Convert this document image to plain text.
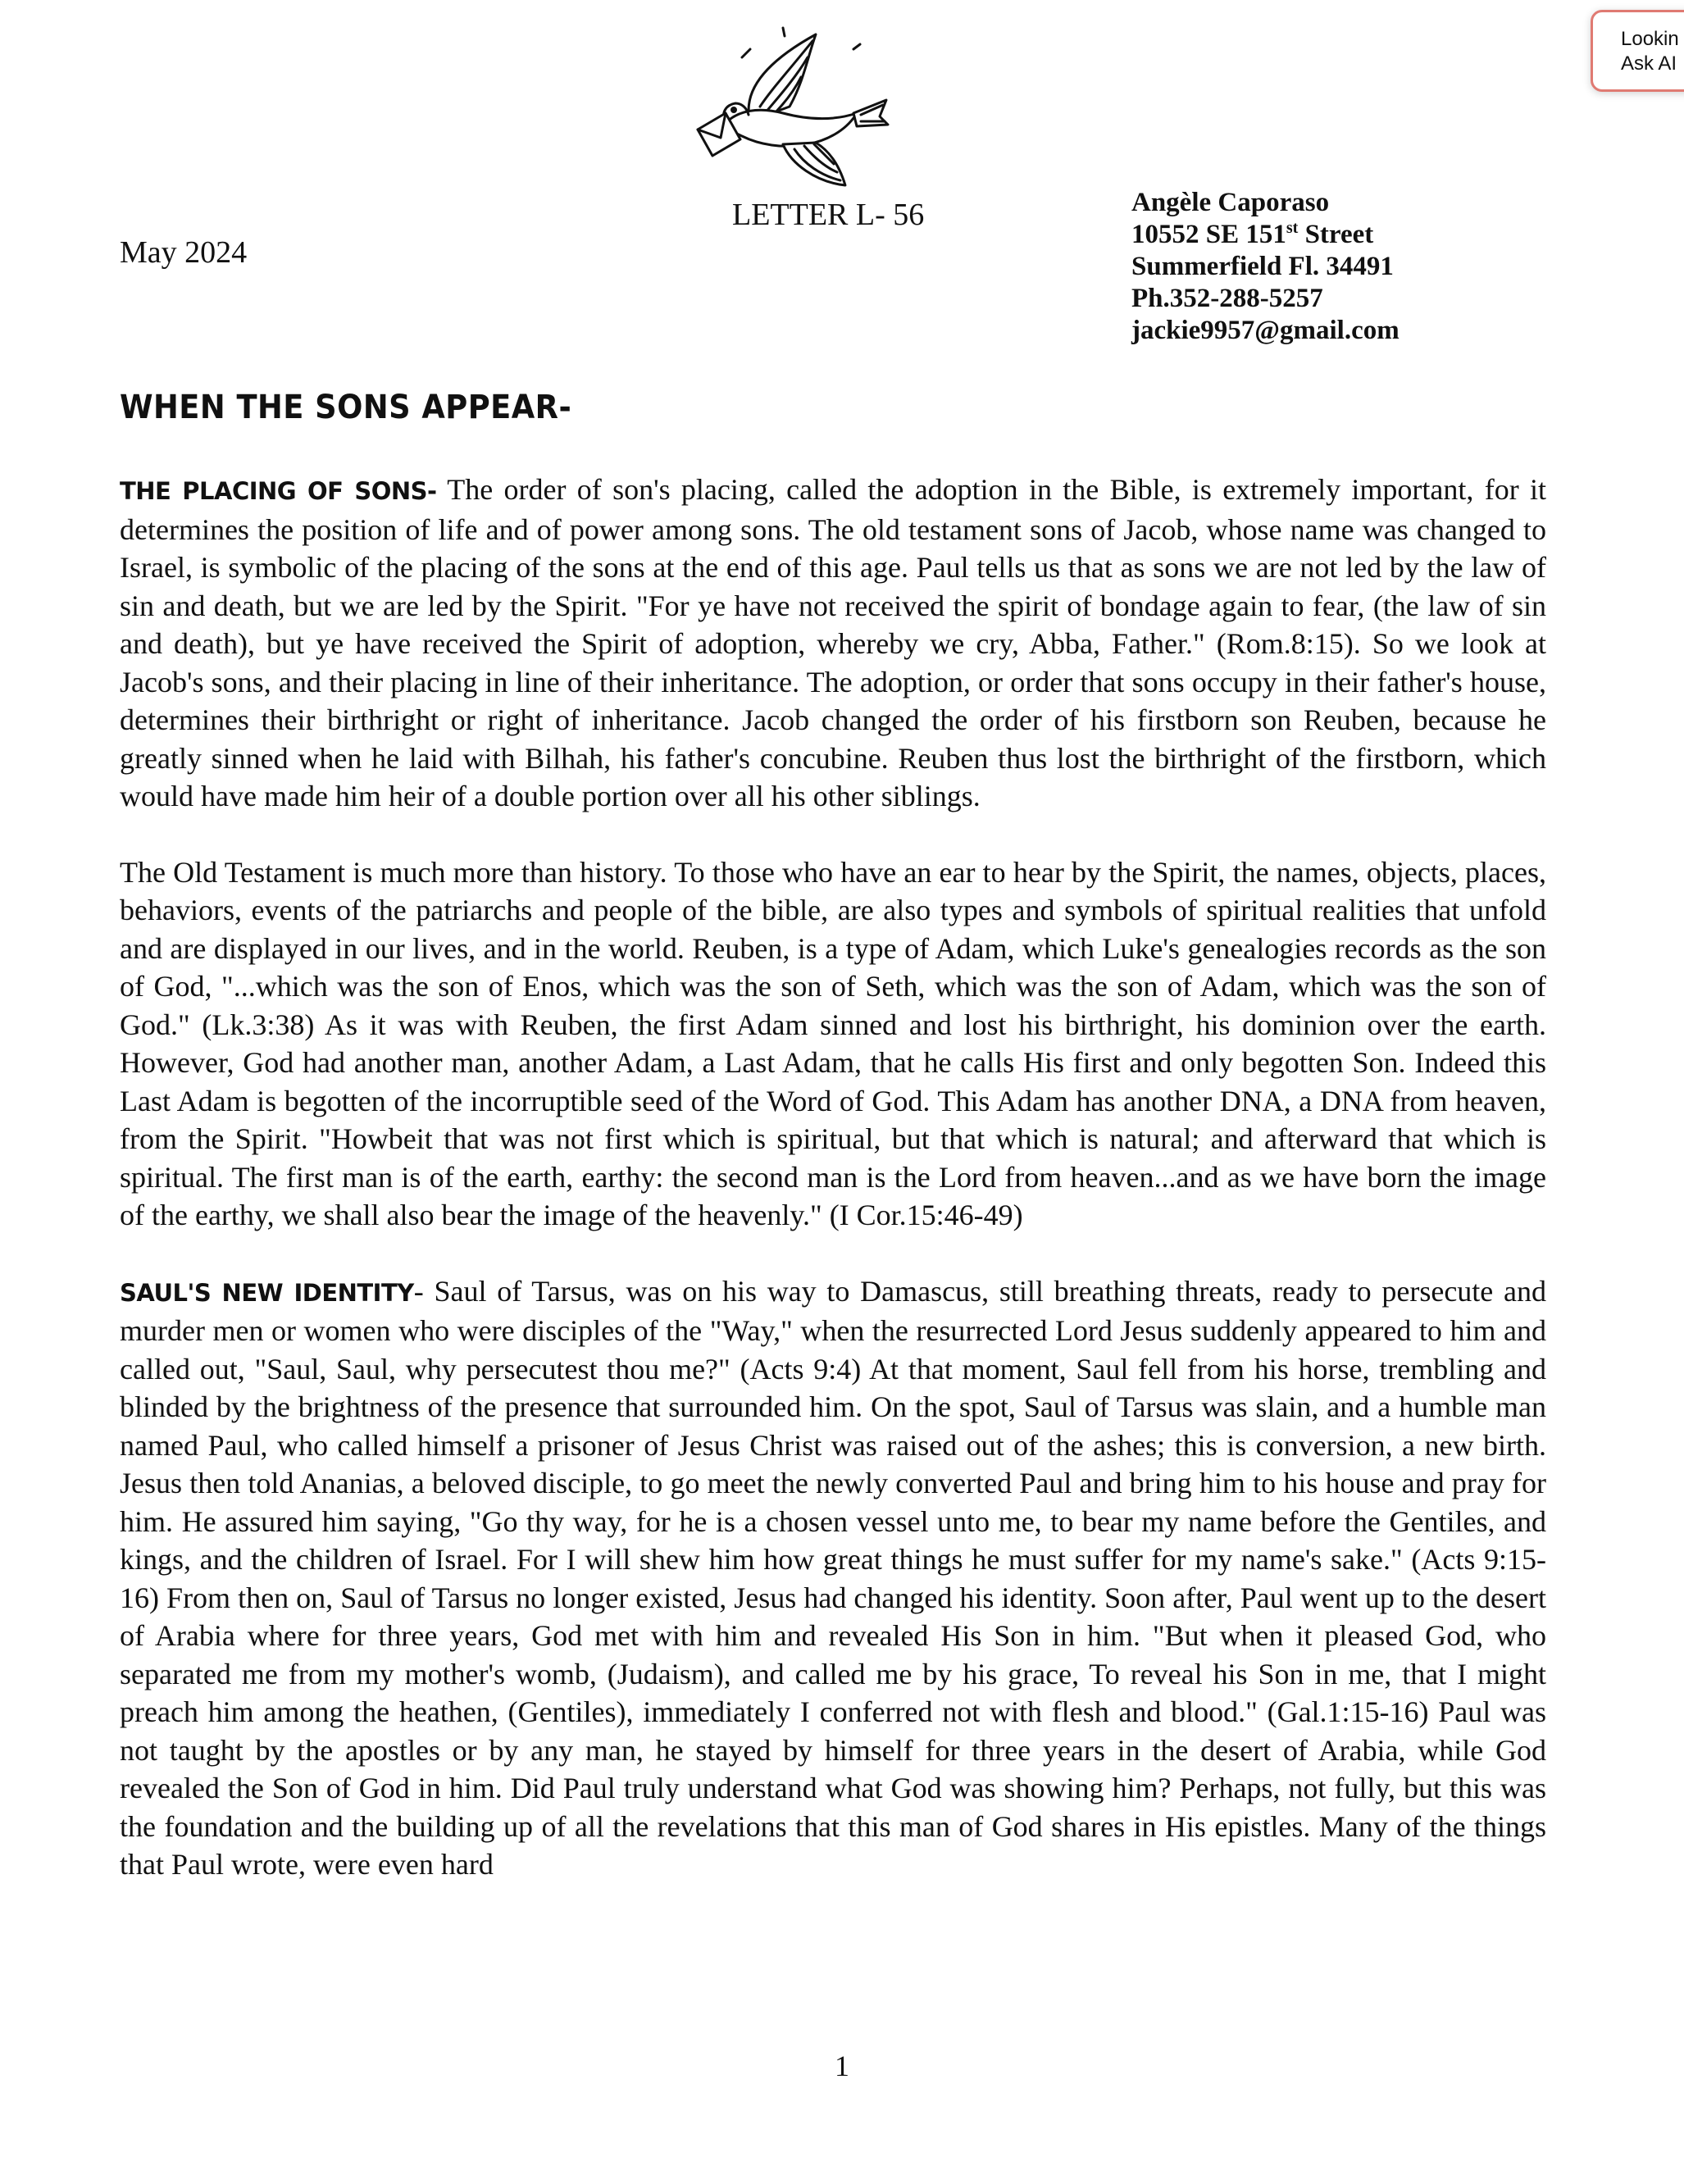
LETTER L- 56
May 2024
Angèle Caporaso
10552 SE 151st Street
Summerfield Fl. 34491
Ph.352-288-5257
jackie9957@gmail.com
WHEN THE SONS APPEAR-

THE PLACING OF SONS- The order of son's placing, called the adoption in the Bible, is extremely important, for it determines the position of life and of power among sons. The old testament sons of Jacob, whose name was changed to Israel, is symbolic of the placing of the sons at the end of this age. Paul tells us that as sons we are not led by the law of sin and death, but we are led by the Spirit. "For ye have not received the spirit of bondage again to fear, (the law of sin and death), but ye have received the Spirit of adoption, whereby we cry, Abba, Father." (Rom.8:15). So we look at Jacob's sons, and their placing in line of their inheritance. The adoption, or order that sons occupy in their father's house, determines their birthright or right of inheritance. Jacob changed the order of his firstborn son Reuben, because he greatly sinned when he laid with Bilhah, his father's concubine. Reuben thus lost the birthright of the firstborn, which would have made him heir of a double portion over all his other siblings.

The Old Testament is much more than history. To those who have an ear to hear by the Spirit, the names, objects, places, behaviors, events of the patriarchs and people of the bible, are also types and symbols of spiritual realities that unfold and are displayed in our lives, and in the world. Reuben, is a type of Adam, which Luke's genealogies records as the son of God, "...which was the son of Enos, which was the son of Seth, which was the son of Adam, which was the son of God." (Lk.3:38) As it was with Reuben, the first Adam sinned and lost his birthright, his dominion over the earth. However, God had another man, another Adam, a Last Adam, that he calls His first and only begotten Son. Indeed this Last Adam is begotten of the incorruptible seed of the Word of God. This Adam has another DNA, a DNA from heaven, from the Spirit. "Howbeit that was not first which is spiritual, but that which is natural; and afterward that which is spiritual. The first man is of the earth, earthy: the second man is the Lord from heaven...and as we have born the image of the earthy, we shall also bear the image of the heavenly." (I Cor.15:46-49)

SAUL'S NEW IDENTITY- Saul of Tarsus, was on his way to Damascus, still breathing threats, ready to persecute and murder men or women who were disciples of the "Way," when the resurrected Lord Jesus suddenly appeared to him and called out, "Saul, Saul, why persecutest thou me?" (Acts 9:4) At that moment, Saul fell from his horse, trembling and blinded by the brightness of the presence that surrounded him. On the spot, Saul of Tarsus was slain, and a humble man named Paul, who called himself a prisoner of Jesus Christ was raised out of the ashes; this is conversion, a new birth. Jesus then told Ananias, a beloved disciple, to go meet the newly converted Paul and bring him to his house and pray for him. He assured him saying, "Go thy way, for he is a chosen vessel unto me, to bear my name before the Gentiles, and kings, and the children of Israel. For I will shew him how great things he must suffer for my name's sake." (Acts 9:15-16) From then on, Saul of Tarsus no longer existed, Jesus had changed his identity. Soon after, Paul went up to the desert of Arabia where for three years, God met with him and revealed His Son in him. "But when it pleased God, who separated me from my mother's womb, (Judaism), and called me by his grace, To reveal his Son in me, that I might preach him among the heathen, (Gentiles), immediately I conferred not with flesh and blood." (Gal.1:15-16) Paul was not taught by the apostles or by any man, he stayed by himself for three years in the desert of Arabia, while God revealed the Son of God in him. Did Paul truly understand what God was showing him? Perhaps, not fully, but this was the foundation and the building up of all the revelations that this man of God shares in His epistles. Many of the things that Paul wrote, were even hard

1
Lookin
Ask AI
